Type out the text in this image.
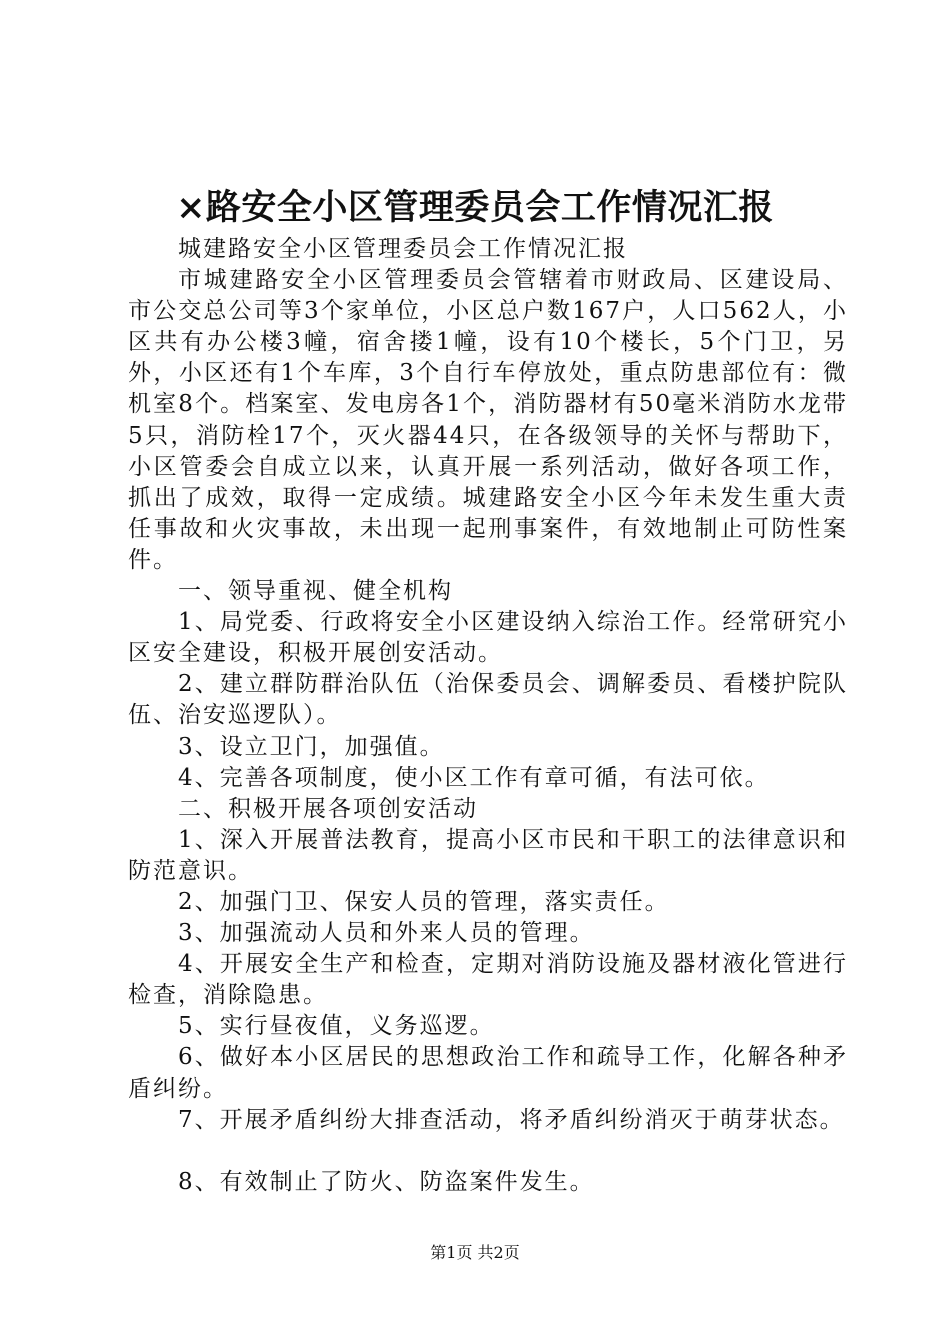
×路安全小区管理委员会工作情况汇报

城建路安全小区管理委员会工作情况汇报

市城建路安全小区管理委员会管辖着市财政局、区建设局、市公交总公司等3个家单位，小区总户数167户，人口562人，小区共有办公楼3幢，宿舍搂1幢，设有10个楼长，5个门卫，另外，小区还有1个车库，3个自行车停放处，重点防患部位有：微机室8个。档案室、发电房各1个，消防器材有50毫米消防水龙带5只，消防栓17个，灭火器44只，在各级领导的关怀与帮助下，小区管委会自成立以来，认真开展一系列活动，做好各项工作，抓出了成效，取得一定成绩。城建路安全小区今年未发生重大责任事故和火灾事故，未出现一起刑事案件，有效地制止可防性案件。

一、领导重视、健全机构

1、局党委、行政将安全小区建设纳入综治工作。经常研究小区安全建设，积极开展创安活动。

2、建立群防群治队伍（治保委员会、调解委员、看楼护院队伍、治安巡逻队）。

3、设立卫门，加强值。

4、完善各项制度，使小区工作有章可循，有法可依。

二、积极开展各项创安活动

1、深入开展普法教育，提高小区市民和干职工的法律意识和防范意识。

2、加强门卫、保安人员的管理，落实责任。

3、加强流动人员和外来人员的管理。

4、开展安全生产和检查，定期对消防设施及器材液化管进行检查，消除隐患。

5、实行昼夜值，义务巡逻。

6、做好本小区居民的思想政治工作和疏导工作，化解各种矛盾纠纷。

7、开展矛盾纠纷大排查活动，将矛盾纠纷消灭于萌芽状态。

8、有效制止了防火、防盗案件发生。

第1页 共2页
